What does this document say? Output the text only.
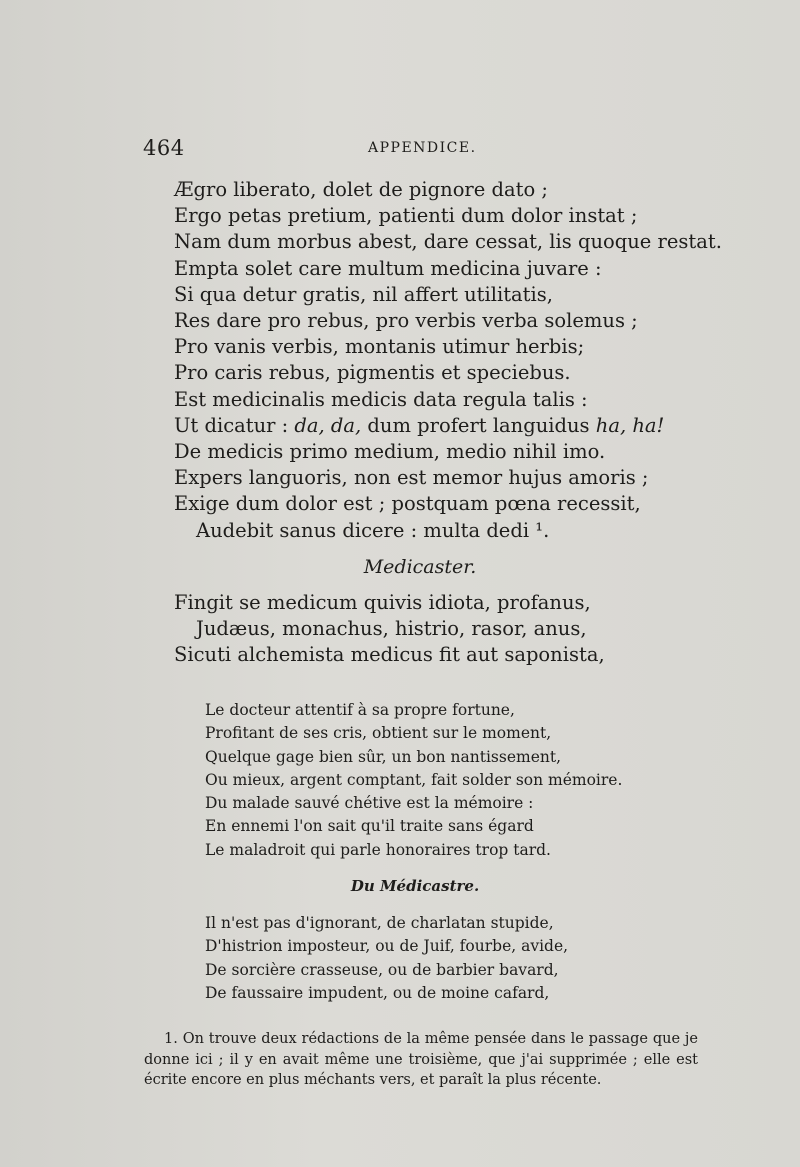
464	APPENDICE.
Ægro liberato, dolet de pignore dato ;
Ergo petas pretium, patienti dum dolor instat ;
Nam dum morbus abest, dare cessat, lis quoque restat.
Empta solet care multum medicina juvare :
Si qua detur gratis, nil affert utilitatis,
Res dare pro rebus, pro verbis verba solemus ;
Pro vanis verbis, montanis utimur herbis;
Pro caris rebus, pigmentis et speciebus.
Est medicinalis medicis data regula talis :
Ut dicatur : da, da, dum profert languidus ha, ha!
De medicis primo medium, medio nihil imo.
Expers languoris, non est memor hujus amoris ;
Exige dum dolor est ; postquam pœna recessit,
Audebit sanus dicere : multa dedi ¹.
Medicaster.
Fingit se medicum quivis idiota, profanus,
Judæus, monachus, histrio, rasor, anus,
Sicuti alchemista medicus fit aut saponista,
Le docteur attentif à sa propre fortune,
Profitant de ses cris, obtient sur le moment,
Quelque gage bien sûr, un bon nantissement,
Ou mieux, argent comptant, fait solder son mémoire.
Du malade sauvé chétive est la mémoire :
En ennemi l'on sait qu'il traite sans égard
Le maladroit qui parle honoraires trop tard.
Du Médicastre.
Il n'est pas d'ignorant, de charlatan stupide,
D'histrion imposteur, ou de Juif, fourbe, avide,
De sorcière crasseuse, ou de barbier bavard,
De faussaire impudent, ou de moine cafard,
1. On trouve deux rédactions de la même pensée dans le passage que je donne ici ; il y en avait même une troisième, que j'ai supprimée ; elle est écrite encore en plus méchants vers, et paraît la plus récente.
